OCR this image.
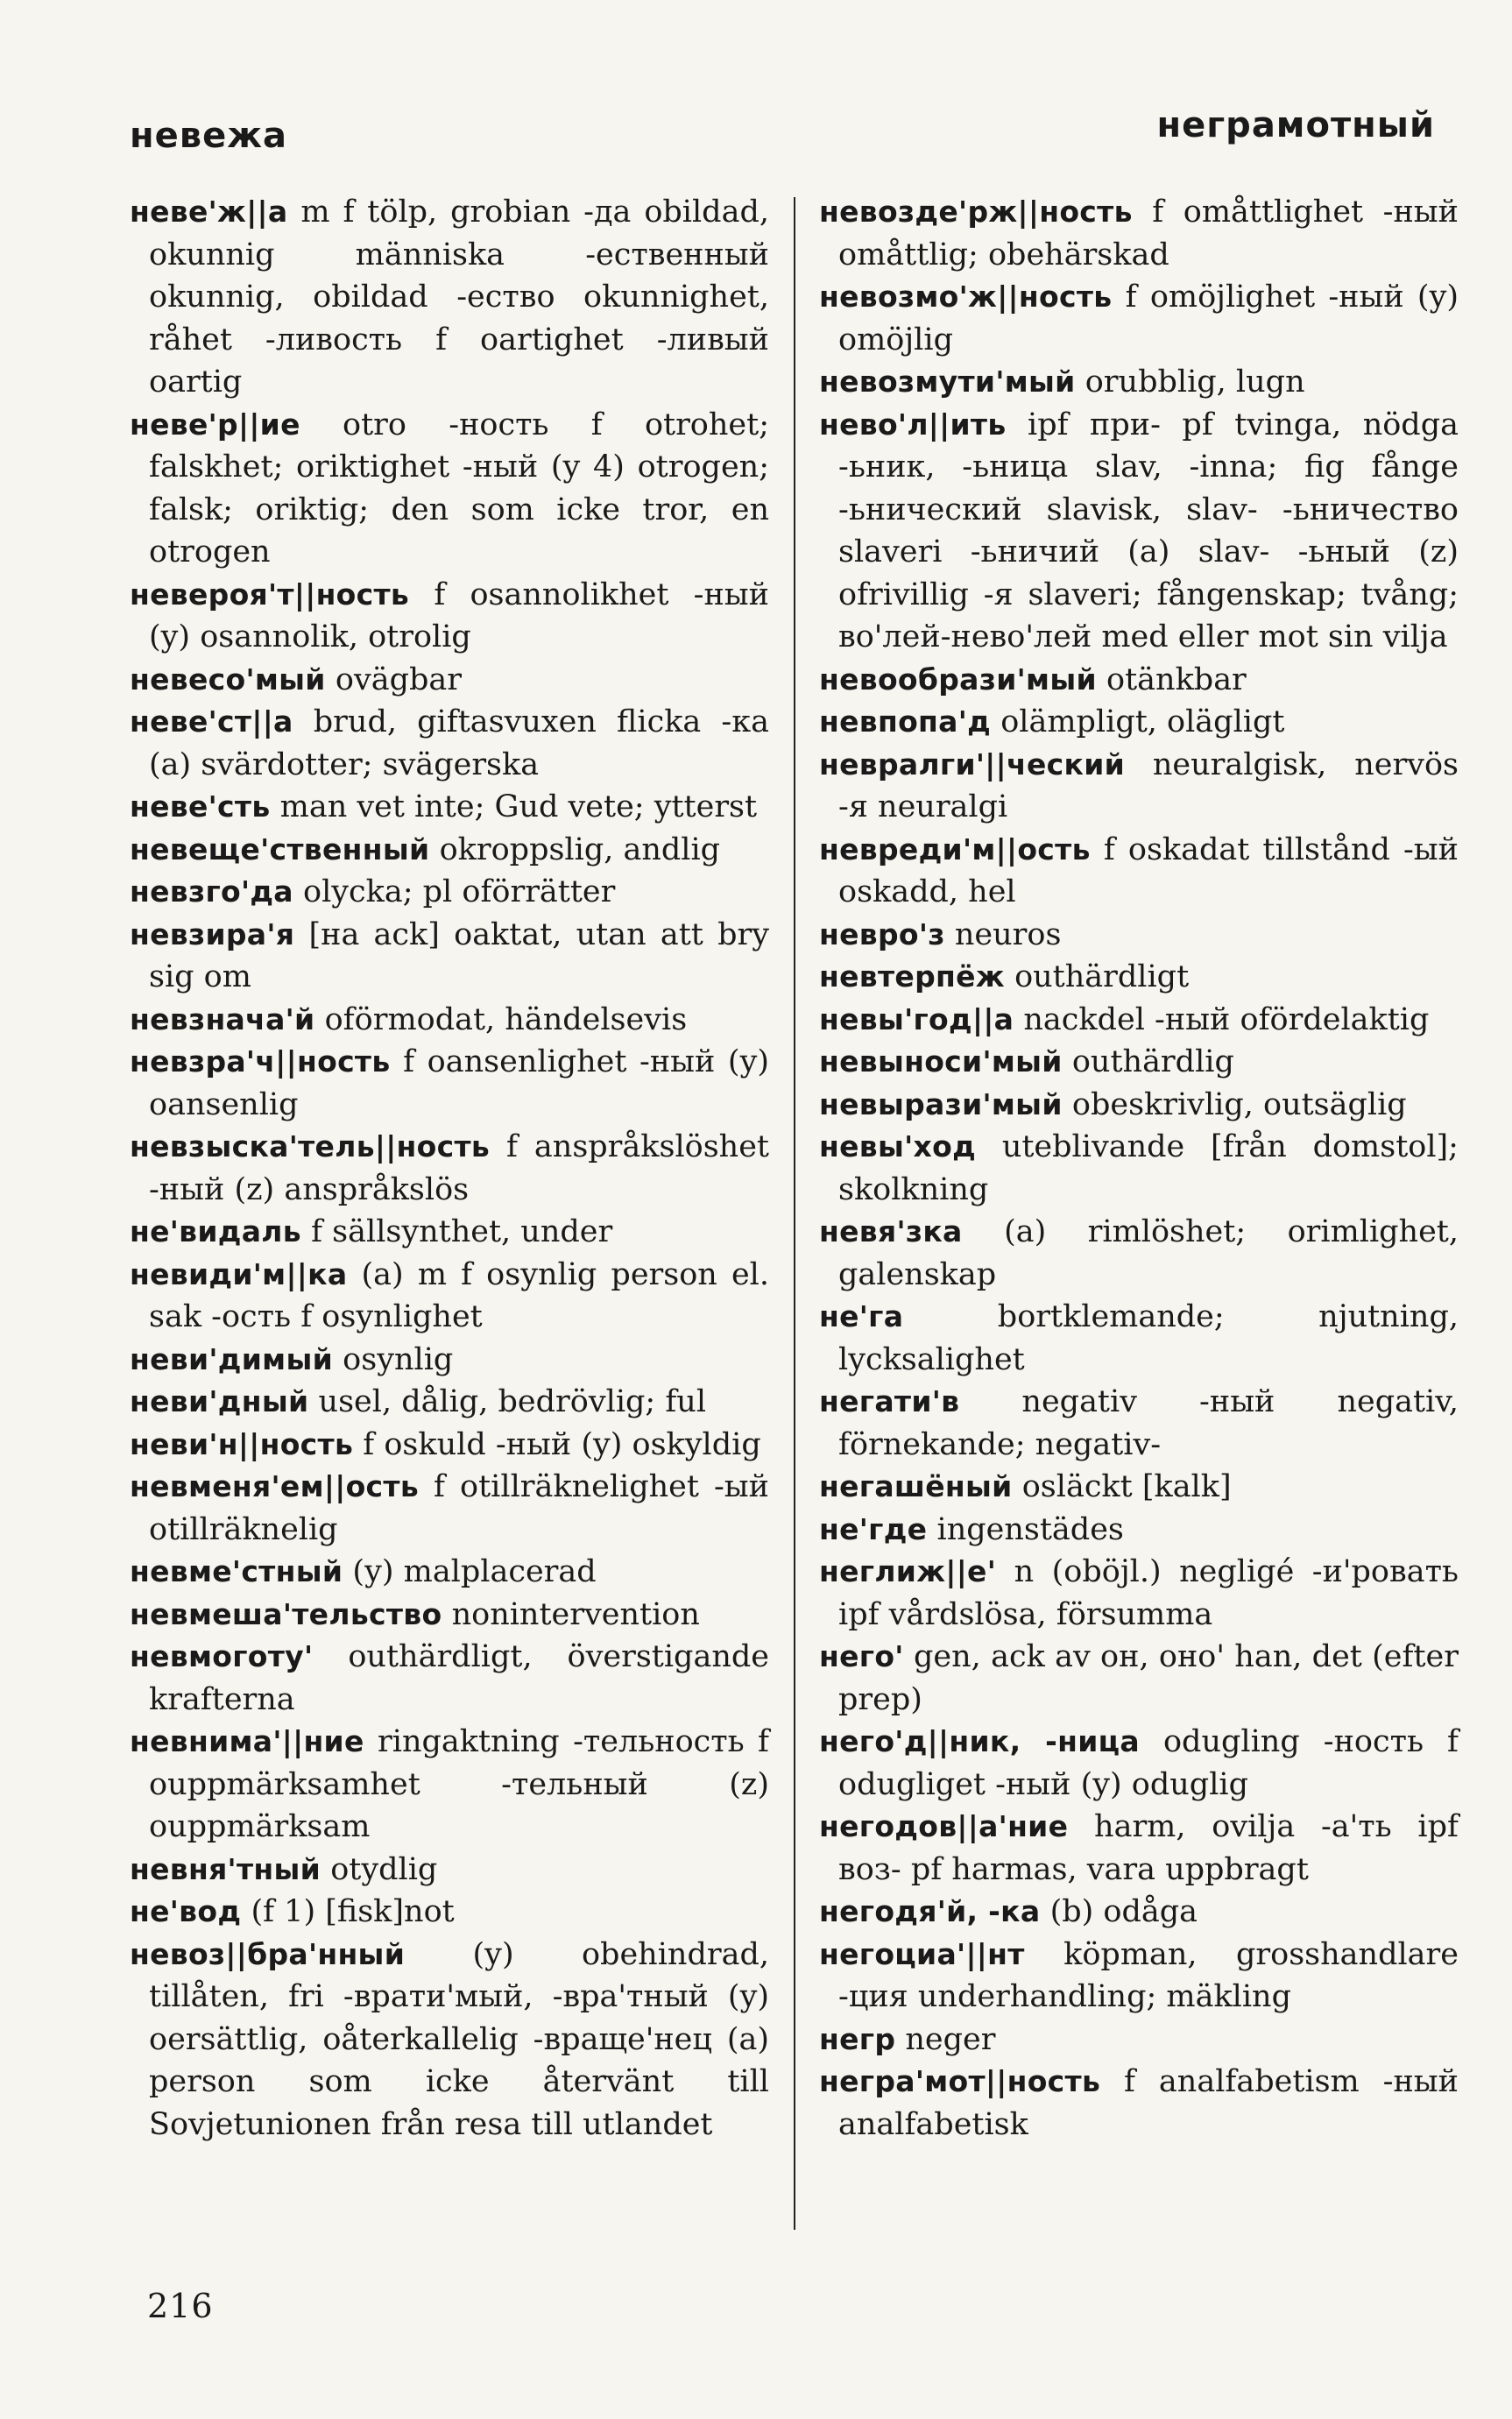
невежа	неграмотный

неве'ж||а m f tölp, grobian -да obildad, okunnig människa -ественный okunnig, obildad -ество okunnighet, råhet -ливость f oartighet -ливый oartig

неве'р||ие otro -ность f otrohet; falskhet; oriktighet -ный (y 4) otrogen; falsk; oriktig; den som icke tror, en otrogen

невероя'т||ность f osannolikhet -ный (y) osannolik, otrolig

невесо'мый ovägbar

неве'ст||а brud, giftasvuxen flicka -ка (a) svärdotter; svägerska

неве'сть man vet inte; Gud vete; ytterst

невеще'ственный okroppslig, andlig

невзго'да olycka; pl oförrätter

невзира'я [на ack] oaktat, utan att bry sig om

невзнача'й oförmodat, händelsevis

невзра'ч||ность f oansenlighet -ный (y) oansenlig

невзыска'тель||ность f anspråkslöshet -ный (z) anspråkslös

не'видаль f sällsynthet, under

невиди'м||ка (a) m f osynlig person el. sak -ость f osynlighet

неви'димый osynlig

неви'дный usel, dålig, bedrövlig; ful

неви'н||ность f oskuld -ный (y) oskyldig

невменя'ем||ость f otillräknelighet -ый otillräknelig

невме'стный (y) malplacerad

невмеша'тельство nonintervention

невмоготу' outhärdligt, överstigande krafterna

невнима'||ние ringaktning -тельность f ouppmärksamhet -тельный (z) ouppmärksam

невня'тный otydlig

не'вод (f 1) [fisk]not

невоз||бра'нный (y) obehindrad, tillåten, fri -врати'мый, -вра'тный (y) oersättlig, oåterkallelig -враще'нец (a) person som icke återvänt till Sovjetunionen från resa till utlandet

невозде'рж||ность f omåttlighet -ный omåttlig; obehärskad

невозмо'ж||ность f omöjlighet -ный (y) omöjlig

невозмути'мый orubblig, lugn

нево'л||ить ipf при- pf tvinga, nödga -ьник, -ьница slav, -inna; fig fånge -ьнический slavisk, slav- -ьничество slaveri -ьничий (a) slav- -ьный (z) ofrivillig -я slaveri; fångenskap; tvång; во'лей-нево'лей med eller mot sin vilja

невообрази'мый otänkbar

невпопа'д olämpligt, olägligt

невралги'||ческий neuralgisk, nervös -я neuralgi

невреди'м||ость f oskadat tillstånd -ый oskadd, hel

невро'з neuros

невтерпёж outhärdligt

невы'год||а nackdel -ный ofördelaktig

невыноси'мый outhärdlig

невырази'мый obeskrivlig, outsäglig

невы'ход uteblivande [från domstol]; skolkning

невя'зка (a) rimlöshet; orimlighet, galenskap

не'га	bortklemande; njutning, lycksalighet

негати'в negativ -ный negativ, förnekande; negativ-

негашёный osläckt [kalk]

не'где ingenstädes

неглиж||е' n (oböjl.) negligé -и'ровать ipf vårdslösa, försumma

него' gen, ack av он, оно' han, det (efter prep)

него'д||ник, -ница odugling -ность f odugliget -ный (y) oduglig

негодов||а'ние harm, ovilja -а'ть ipf воз- pf harmas, vara uppbragt

негодя'й, -ка (b) odåga

негоциа'||нт köpman, grosshandlare -ция underhandling; mäkling

негр neger

негра'мот||ность f analfabetism -ный analfabetisk

216
